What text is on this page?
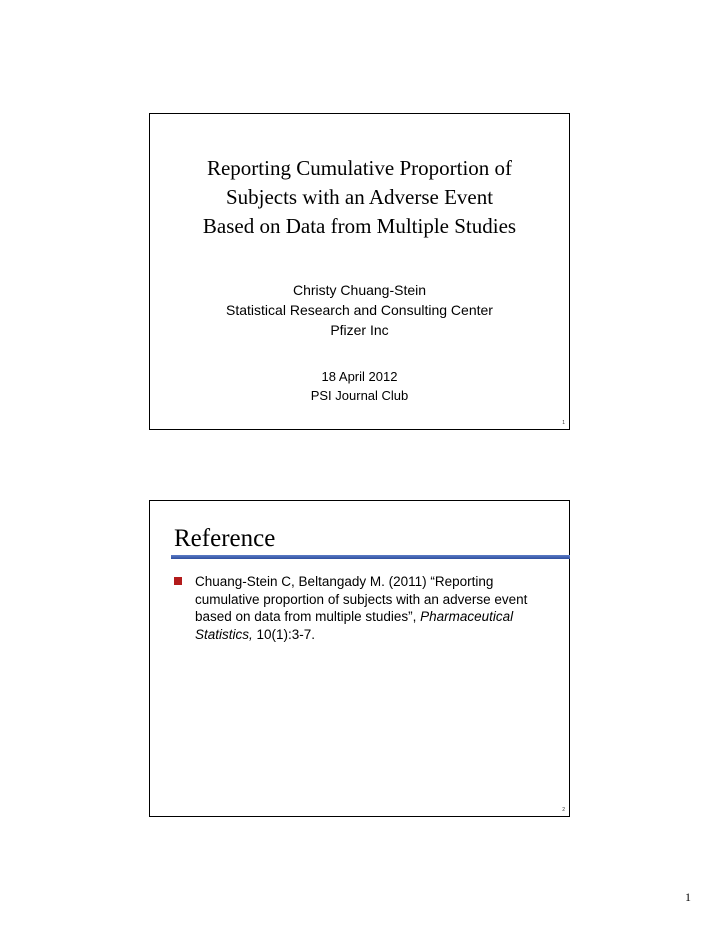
Reporting Cumulative Proportion of
Subjects with an Adverse Event
Based on Data from Multiple Studies
Christy Chuang-Stein
Statistical Research and Consulting Center
Pfizer Inc
18 April 2012
PSI Journal Club
1
Reference
Chuang-Stein C, Beltangady M. (2011) “Reporting cumulative proportion of subjects with an adverse event based on data from multiple studies”, Pharmaceutical Statistics, 10(1):3-7.
2
1
